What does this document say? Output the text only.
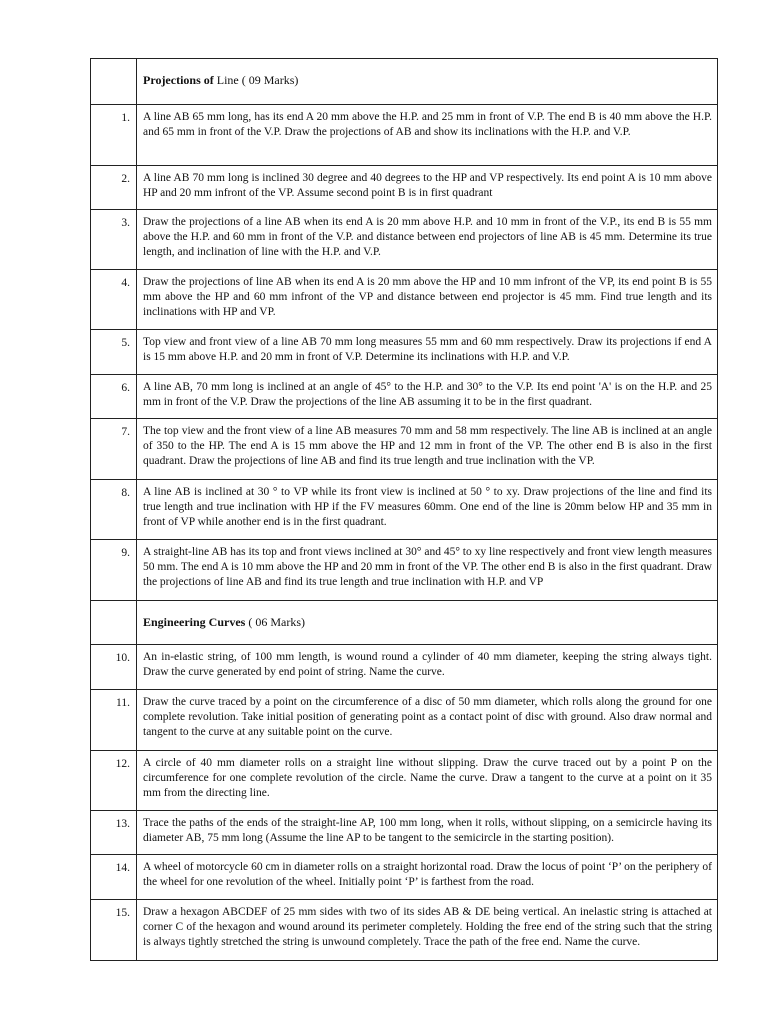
	Projections of Line ( 09 Marks)
1.	A line AB 65 mm long, has its end A 20 mm above the H.P. and 25 mm in front of V.P. The end B is 40 mm above the H.P. and 65 mm in front of the V.P. Draw the projections of AB and show its inclinations with the H.P. and V.P.
2.	A line AB 70 mm long is inclined 30 degree and 40 degrees to the HP and VP respectively. Its end point A is 10 mm above HP and 20 mm infront of the VP. Assume second point B is in first quadrant
3.	Draw the projections of a line AB when its end A is 20 mm above H.P. and 10 mm in front of the V.P., its end B is 55 mm above the H.P. and 60 mm in front of the V.P. and distance between end projectors of line AB is 45 mm. Determine its true length, and inclination of line with the H.P. and V.P.
4.	Draw the projections of line AB when its end A is 20 mm above the HP and 10 mm infront of the VP, its end point B is 55 mm above the HP and 60 mm infront of the VP and distance between end projector is 45 mm. Find true length and its inclinations with HP and VP.
5.	Top view and front view of a line AB 70 mm long measures 55 mm and 60 mm respectively. Draw its projections if end A is 15 mm above H.P. and 20 mm in front of V.P. Determine its inclinations with H.P. and V.P.
6.	A line AB, 70 mm long is inclined at an angle of 45° to the H.P. and 30° to the V.P. Its end point 'A' is on the H.P. and 25 mm in front of the V.P. Draw the projections of the line AB assuming it to be in the first quadrant.
7.	The top view and the front view of a line AB measures 70 mm and 58 mm respectively. The line AB is inclined at an angle of 350 to the HP. The end A is 15 mm above the HP and 12 mm in front of the VP. The other end B is also in the first quadrant. Draw the projections of line AB and find its true length and true inclination with the VP.
8.	A line AB is inclined at 30 ° to VP while its front view is inclined at 50 ° to xy. Draw projections of the line and find its true length and true inclination with HP if the FV measures 60mm. One end of the line is 20mm below HP and 35 mm in front of VP while another end is in the first quadrant.
9.	A straight-line AB has its top and front views inclined at 30° and 45° to xy line respectively and front view length measures 50 mm. The end A is 10 mm above the HP and 20 mm in front of the VP. The other end B is also in the first quadrant. Draw the projections of line AB and find its true length and true inclination with H.P. and VP
	Engineering Curves ( 06 Marks)
10.	An in-elastic string, of 100 mm length, is wound round a cylinder of 40 mm diameter, keeping the string always tight. Draw the curve generated by end point of string. Name the curve.
11.	Draw the curve traced by a point on the circumference of a disc of 50 mm diameter, which rolls along the ground for one complete revolution. Take initial position of generating point as a contact point of disc with ground. Also draw normal and tangent to the curve at any suitable point on the curve.
12.	A circle of 40 mm diameter rolls on a straight line without slipping. Draw the curve traced out by a point P on the circumference for one complete revolution of the circle. Name the curve. Draw a tangent to the curve at a point on it 35 mm from the directing line.
13.	Trace the paths of the ends of the straight-line AP, 100 mm long, when it rolls, without slipping, on a semicircle having its diameter AB, 75 mm long (Assume the line AP to be tangent to the semicircle in the starting position).
14.	A wheel of motorcycle 60 cm in diameter rolls on a straight horizontal road. Draw the locus of point ‘P’ on the periphery of the wheel for one revolution of the wheel. Initially point ‘P’ is farthest from the road.
15.	Draw a hexagon ABCDEF of 25 mm sides with two of its sides AB & DE being vertical. An inelastic string is attached at corner C of the hexagon and wound around its perimeter completely. Holding the free end of the string such that the string is always tightly stretched the string is unwound completely. Trace the path of the free end. Name the curve.
